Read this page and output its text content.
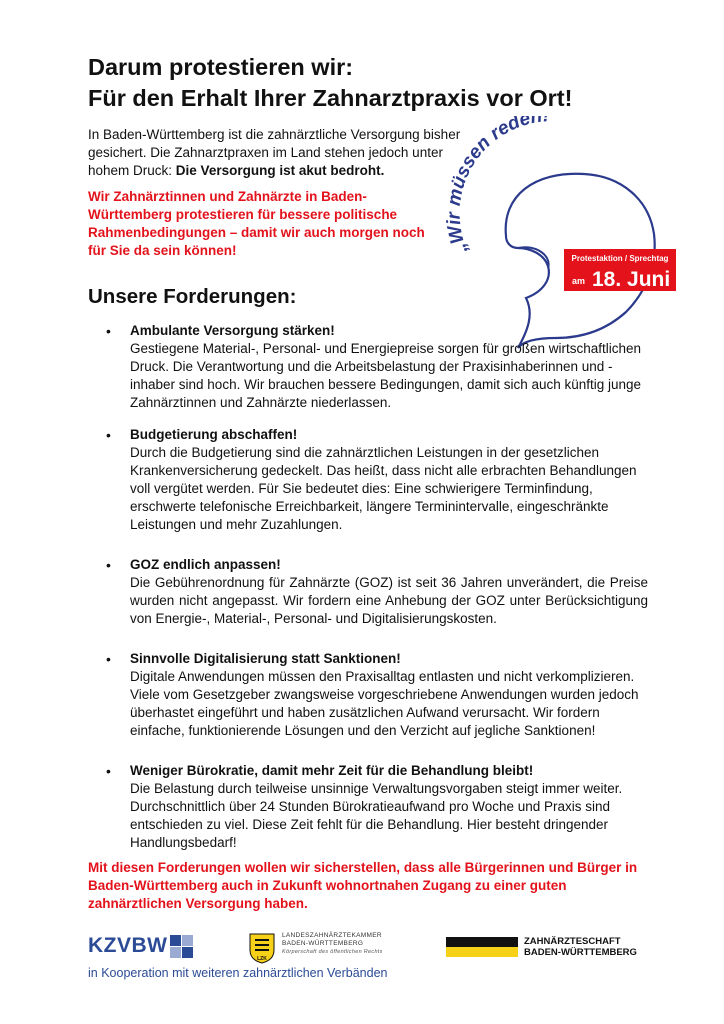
Darum protestieren wir:
Für den Erhalt Ihrer Zahnarztpraxis vor Ort!

In Baden-Württemberg ist die zahnärztliche Versorgung bisher gesichert. Die Zahnarztpraxen im Land stehen jedoch unter hohem Druck: Die Versorgung ist akut bedroht.

Wir Zahnärztinnen und Zahnärzte in Baden-Württemberg protestieren für bessere politische Rahmenbedingungen – damit wir auch morgen noch für Sie da sein können!	„Wir müssen reden
Protestaktion / Sprechtag
am 18. Juni
Unsere Forderungen:
• Ambulante Versorgung stärken!
Gestiegene Material-, Personal- und Energiepreise sorgen für großen wirtschaftlichen Druck. Die Verantwortung und die Arbeitsbelastung der Praxisinhaberinnen und -inhaber sind hoch. Wir brauchen bessere Bedingungen, damit sich auch künftig junge Zahnärztinnen und Zahnärzte niederlassen.
• Budgetierung abschaffen!
Durch die Budgetierung sind die zahnärztlichen Leistungen in der gesetzlichen Krankenversicherung gedeckelt. Das heißt, dass nicht alle erbrachten Behandlungen voll vergütet werden. Für Sie bedeutet dies: Eine schwierigere Terminfindung, erschwerte telefonische Erreichbarkeit, längere Terminintervalle, eingeschränkte Leistungen und mehr Zuzahlungen.
• GOZ endlich anpassen!
Die Gebührenordnung für Zahnärzte (GOZ) ist seit 36 Jahren unverändert, die Preise wurden nicht angepasst. Wir fordern eine Anhebung der GOZ unter Berücksichtigung von Energie-, Material-, Personal- und Digitalisierungskosten.
• Sinnvolle Digitalisierung statt Sanktionen!
Digitale Anwendungen müssen den Praxisalltag entlasten und nicht verkomplizieren. Viele vom Gesetzgeber zwangsweise vorgeschriebene Anwendungen wurden jedoch überhastet eingeführt und haben zusätzlichen Aufwand verursacht. Wir fordern einfache, funktionierende Lösungen und den Verzicht auf jegliche Sanktionen!
• Weniger Bürokratie, damit mehr Zeit für die Behandlung bleibt!
Die Belastung durch teilweise unsinnige Verwaltungsvorgaben steigt immer weiter. Durchschnittlich über 24 Stunden Bürokratieaufwand pro Woche und Praxis sind entschieden zu viel. Diese Zeit fehlt für die Behandlung. Hier besteht dringender Handlungsbedarf!

Mit diesen Forderungen wollen wir sicherstellen, dass alle Bürgerinnen und Bürger in Baden-Württemberg auch in Zukunft wohnortnahen Zugang zu einer guten zahnärztlichen Versorgung haben.

KZVBW
LZK
LANDESZAHNÄRZTEKAMMER
BADEN-WÜRTTEMBERG
Körperschaft des öffentlichen Rechts
ZAHNÄRZTESCHAFT
BADEN-WÜRTTEMBERG

in Kooperation mit weiteren zahnärztlichen Verbänden
